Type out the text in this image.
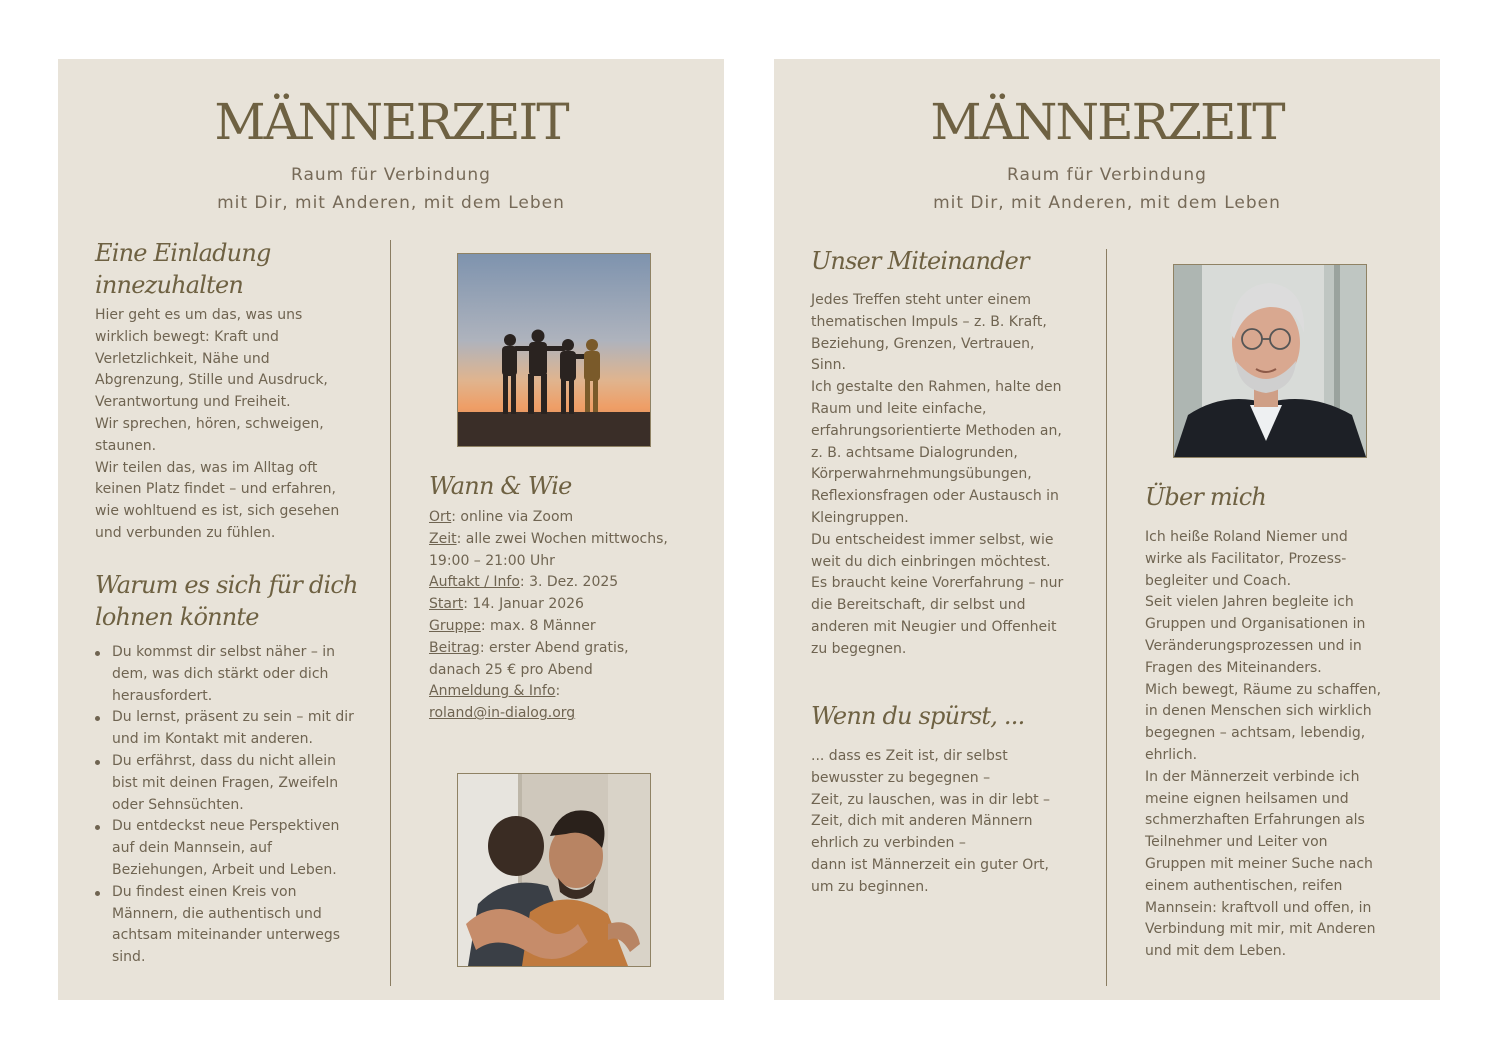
MÄNNERZEIT
Raum für Verbindung
mit Dir, mit Anderen, mit dem Leben
Eine Einladung
innezuhalten
Hier geht es um das, was uns
wirklich bewegt: Kraft und
Verletzlichkeit, Nähe und
Abgrenzung, Stille und Ausdruck,
Verantwortung und Freiheit.
Wir sprechen, hören, schweigen,
staunen.
Wir teilen das, was im Alltag oft
keinen Platz findet – und erfahren,
wie wohltuend es ist, sich gesehen
und verbunden zu fühlen.
Warum es sich für dich
lohnen könnte
Du kommst dir selbst näher – in
dem, was dich stärkt oder dich
herausfordert.
Du lernst, präsent zu sein – mit dir
und im Kontakt mit anderen.
Du erfährst, dass du nicht allein
bist mit deinen Fragen, Zweifeln
oder Sehnsüchten.
Du entdeckst neue Perspektiven
auf dein Mannsein, auf
Beziehungen, Arbeit und Leben.
Du findest einen Kreis von
Männern, die authentisch und
achtsam miteinander unterwegs
sind.
Wann & Wie
Ort: online via Zoom
Zeit: alle zwei Wochen mittwochs,
19:00 – 21:00 Uhr
Auftakt / Info: 3. Dez. 2025
Start: 14. Januar 2026
Gruppe: max. 8 Männer
Beitrag: erster Abend gratis,
danach 25 € pro Abend
Anmeldung & Info:
roland@in-dialog.org
MÄNNERZEIT
Raum für Verbindung
mit Dir, mit Anderen, mit dem Leben
Unser Miteinander
Jedes Treffen steht unter einem
thematischen Impuls – z. B. Kraft,
Beziehung, Grenzen, Vertrauen,
Sinn.
Ich gestalte den Rahmen, halte den
Raum und leite einfache,
erfahrungsorientierte Methoden an,
z. B. achtsame Dialogrunden,
Körperwahrnehmungsübungen,
Reflexionsfragen oder Austausch in
Kleingruppen.
Du entscheidest immer selbst, wie
weit du dich einbringen möchtest.
Es braucht keine Vorerfahrung – nur
die Bereitschaft, dir selbst und
anderen mit Neugier und Offenheit
zu begegnen.
Wenn du spürst, ...
... dass es Zeit ist, dir selbst
bewusster zu begegnen –
Zeit, zu lauschen, was in dir lebt –
Zeit, dich mit anderen Männern
ehrlich zu verbinden –
dann ist Männerzeit ein guter Ort,
um zu beginnen.
Über mich
Ich heiße Roland Niemer und
wirke als Facilitator, Prozess-
begleiter und Coach.
Seit vielen Jahren begleite ich
Gruppen und Organisationen in
Veränderungsprozessen und in
Fragen des Miteinanders.
Mich bewegt, Räume zu schaffen,
in denen Menschen sich wirklich
begegnen – achtsam, lebendig,
ehrlich.
In der Männerzeit verbinde ich
meine eignen heilsamen und
schmerzhaften Erfahrungen als
Teilnehmer und Leiter von
Gruppen mit meiner Suche nach
einem authentischen, reifen
Mannsein: kraftvoll und offen, in
Verbindung mit mir, mit Anderen
und mit dem Leben.
